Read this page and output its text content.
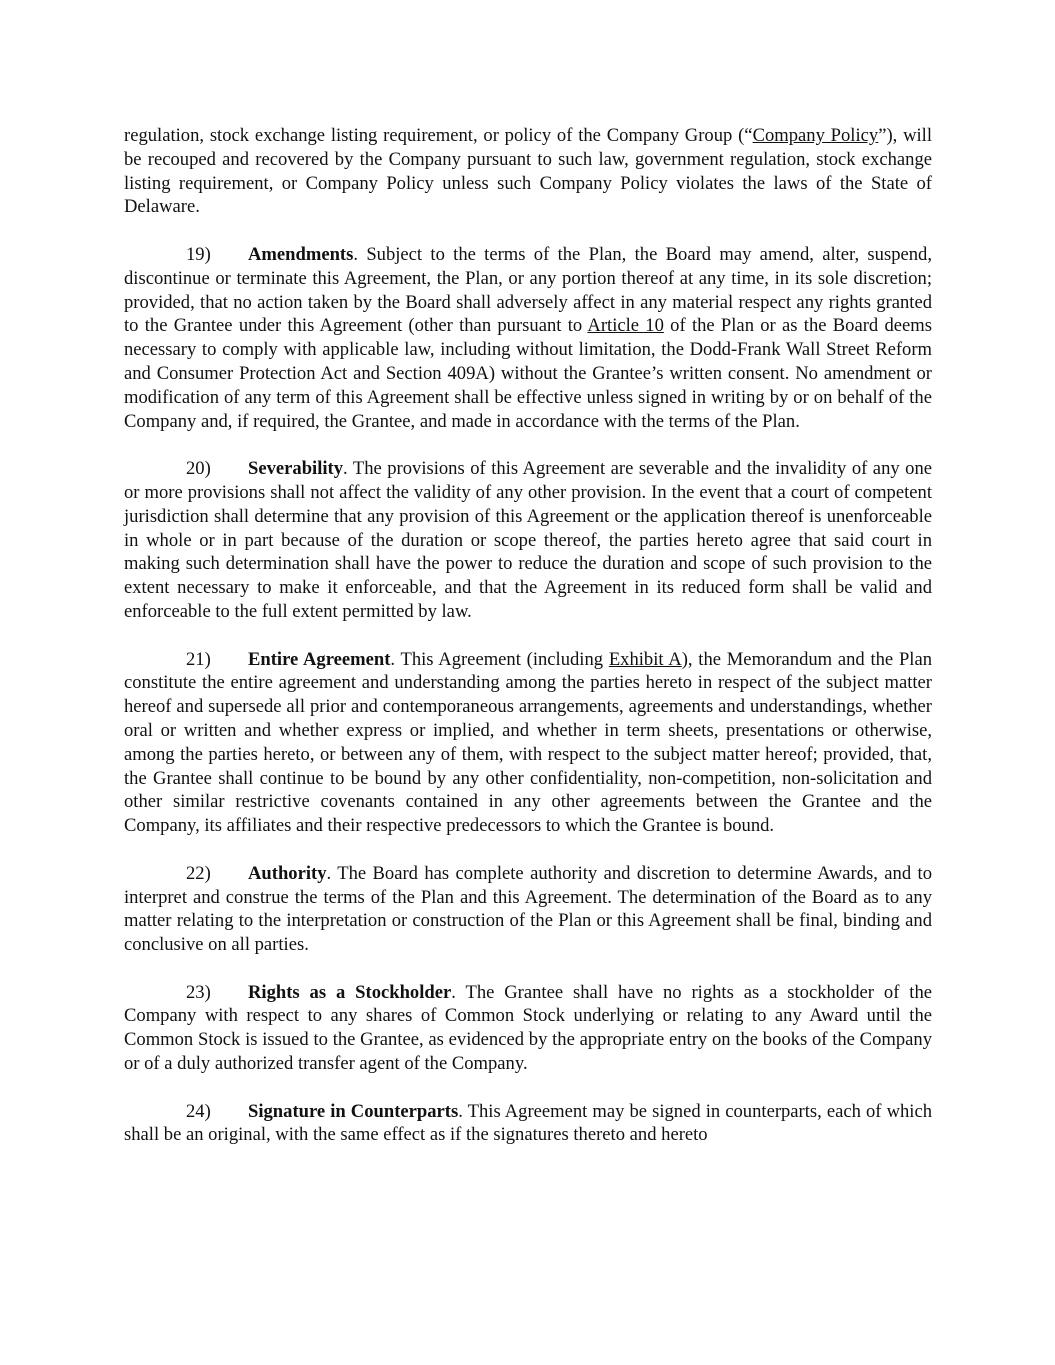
regulation, stock exchange listing requirement, or policy of the Company Group (“Company Policy”), will be recouped and recovered by the Company pursuant to such law, government regulation, stock exchange listing requirement, or Company Policy unless such Company Policy violates the laws of the State of Delaware.

19) Amendments. Subject to the terms of the Plan, the Board may amend, alter, suspend, discontinue or terminate this Agreement, the Plan, or any portion thereof at any time, in its sole discretion; provided, that no action taken by the Board shall adversely affect in any material respect any rights granted to the Grantee under this Agreement (other than pursuant to Article 10 of the Plan or as the Board deems necessary to comply with applicable law, including without limitation, the Dodd-Frank Wall Street Reform and Consumer Protection Act and Section 409A) without the Grantee’s written consent. No amendment or modification of any term of this Agreement shall be effective unless signed in writing by or on behalf of the Company and, if required, the Grantee, and made in accordance with the terms of the Plan.

20) Severability. The provisions of this Agreement are severable and the invalidity of any one or more provisions shall not affect the validity of any other provision. In the event that a court of competent jurisdiction shall determine that any provision of this Agreement or the application thereof is unenforceable in whole or in part because of the duration or scope thereof, the parties hereto agree that said court in making such determination shall have the power to reduce the duration and scope of such provision to the extent necessary to make it enforceable, and that the Agreement in its reduced form shall be valid and enforceable to the full extent permitted by law.

21) Entire Agreement. This Agreement (including Exhibit A), the Memorandum and the Plan constitute the entire agreement and understanding among the parties hereto in respect of the subject matter hereof and supersede all prior and contemporaneous arrangements, agreements and understandings, whether oral or written and whether express or implied, and whether in term sheets, presentations or otherwise, among the parties hereto, or between any of them, with respect to the subject matter hereof; provided, that, the Grantee shall continue to be bound by any other confidentiality, non-competition, non-solicitation and other similar restrictive covenants contained in any other agreements between the Grantee and the Company, its affiliates and their respective predecessors to which the Grantee is bound.

22) Authority. The Board has complete authority and discretion to determine Awards, and to interpret and construe the terms of the Plan and this Agreement. The determination of the Board as to any matter relating to the interpretation or construction of the Plan or this Agreement shall be final, binding and conclusive on all parties.

23) Rights as a Stockholder. The Grantee shall have no rights as a stockholder of the Company with respect to any shares of Common Stock underlying or relating to any Award until the Common Stock is issued to the Grantee, as evidenced by the appropriate entry on the books of the Company or of a duly authorized transfer agent of the Company.

24) Signature in Counterparts. This Agreement may be signed in counterparts, each of which shall be an original, with the same effect as if the signatures thereto and hereto
